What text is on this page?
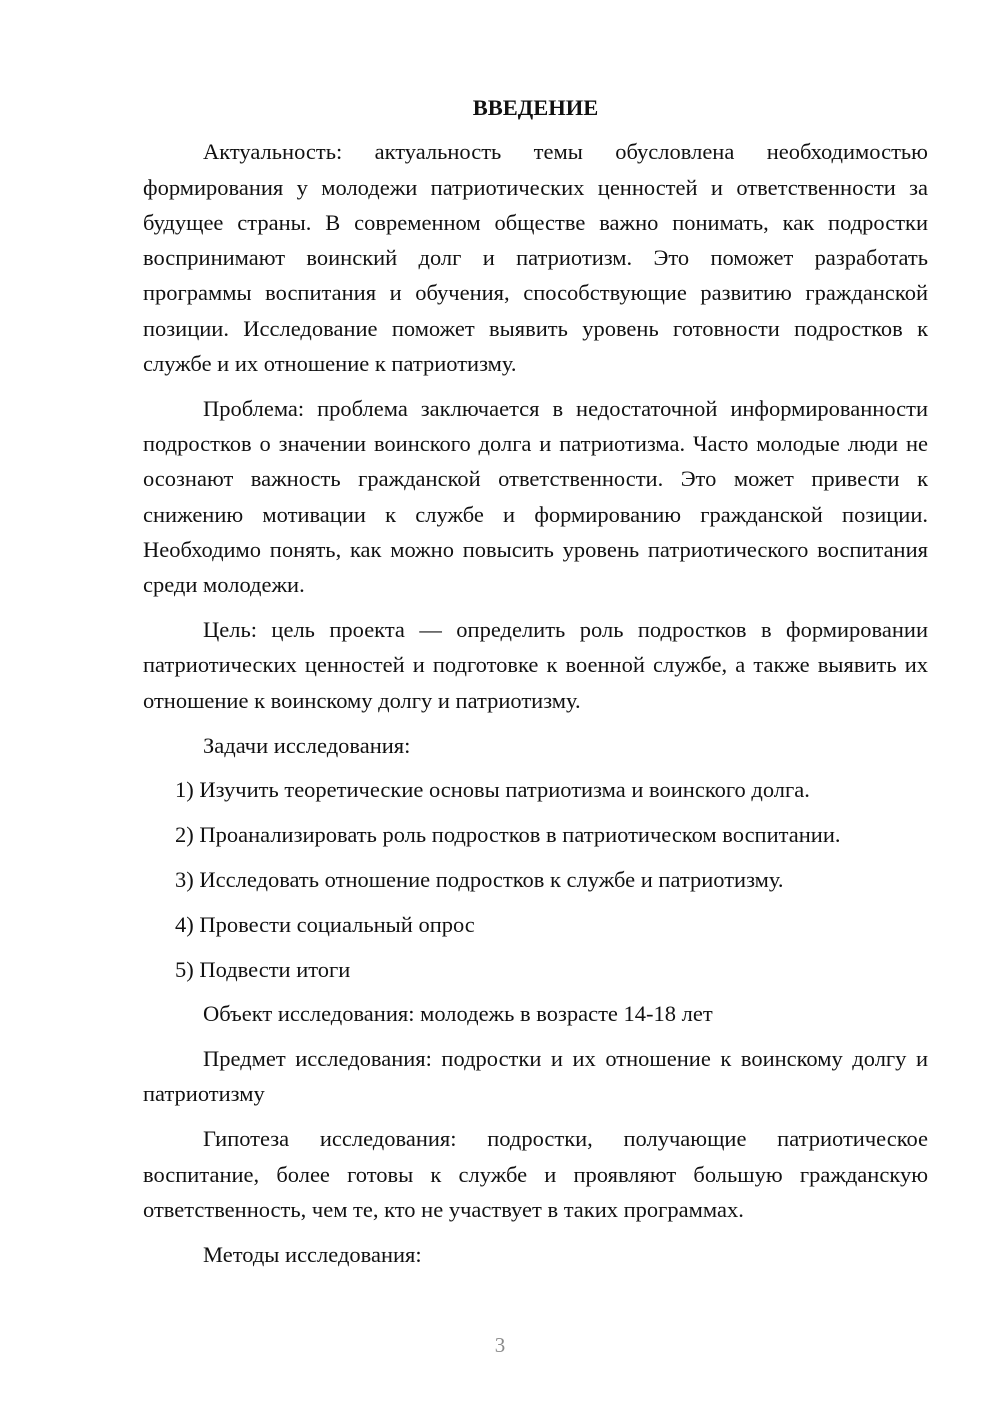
ВВЕДЕНИЕ

Актуальность: актуальность темы обусловлена необходимостью формирования у молодежи патриотических ценностей и ответственности за будущее страны. В современном обществе важно понимать, как подростки воспринимают воинский долг и патриотизм. Это поможет разработать программы воспитания и обучения, способствующие развитию гражданской позиции. Исследование поможет выявить уровень готовности подростков к службе и их отношение к патриотизму.

Проблема: проблема заключается в недостаточной информированности подростков о значении воинского долга и патриотизма. Часто молодые люди не осознают важность гражданской ответственности. Это может привести к снижению мотивации к службе и формированию гражданской позиции. Необходимо понять, как можно повысить уровень патриотического воспитания среди молодежи.

Цель: цель проекта — определить роль подростков в формировании патриотических ценностей и подготовке к военной службе, а также выявить их отношение к воинскому долгу и патриотизму.

Задачи исследования:

1) Изучить теоретические основы патриотизма и воинского долга.

2) Проанализировать роль подростков в патриотическом воспитании.

3) Исследовать отношение подростков к службе и патриотизму.

4) Провести социальный опрос

5) Подвести итоги

Объект исследования: молодежь в возрасте 14-18 лет

Предмет исследования: подростки и их отношение к воинскому долгу и патриотизму

Гипотеза исследования: подростки, получающие патриотическое воспитание, более готовы к службе и проявляют большую гражданскую ответственность, чем те, кто не участвует в таких программах.

Методы исследования:

3
